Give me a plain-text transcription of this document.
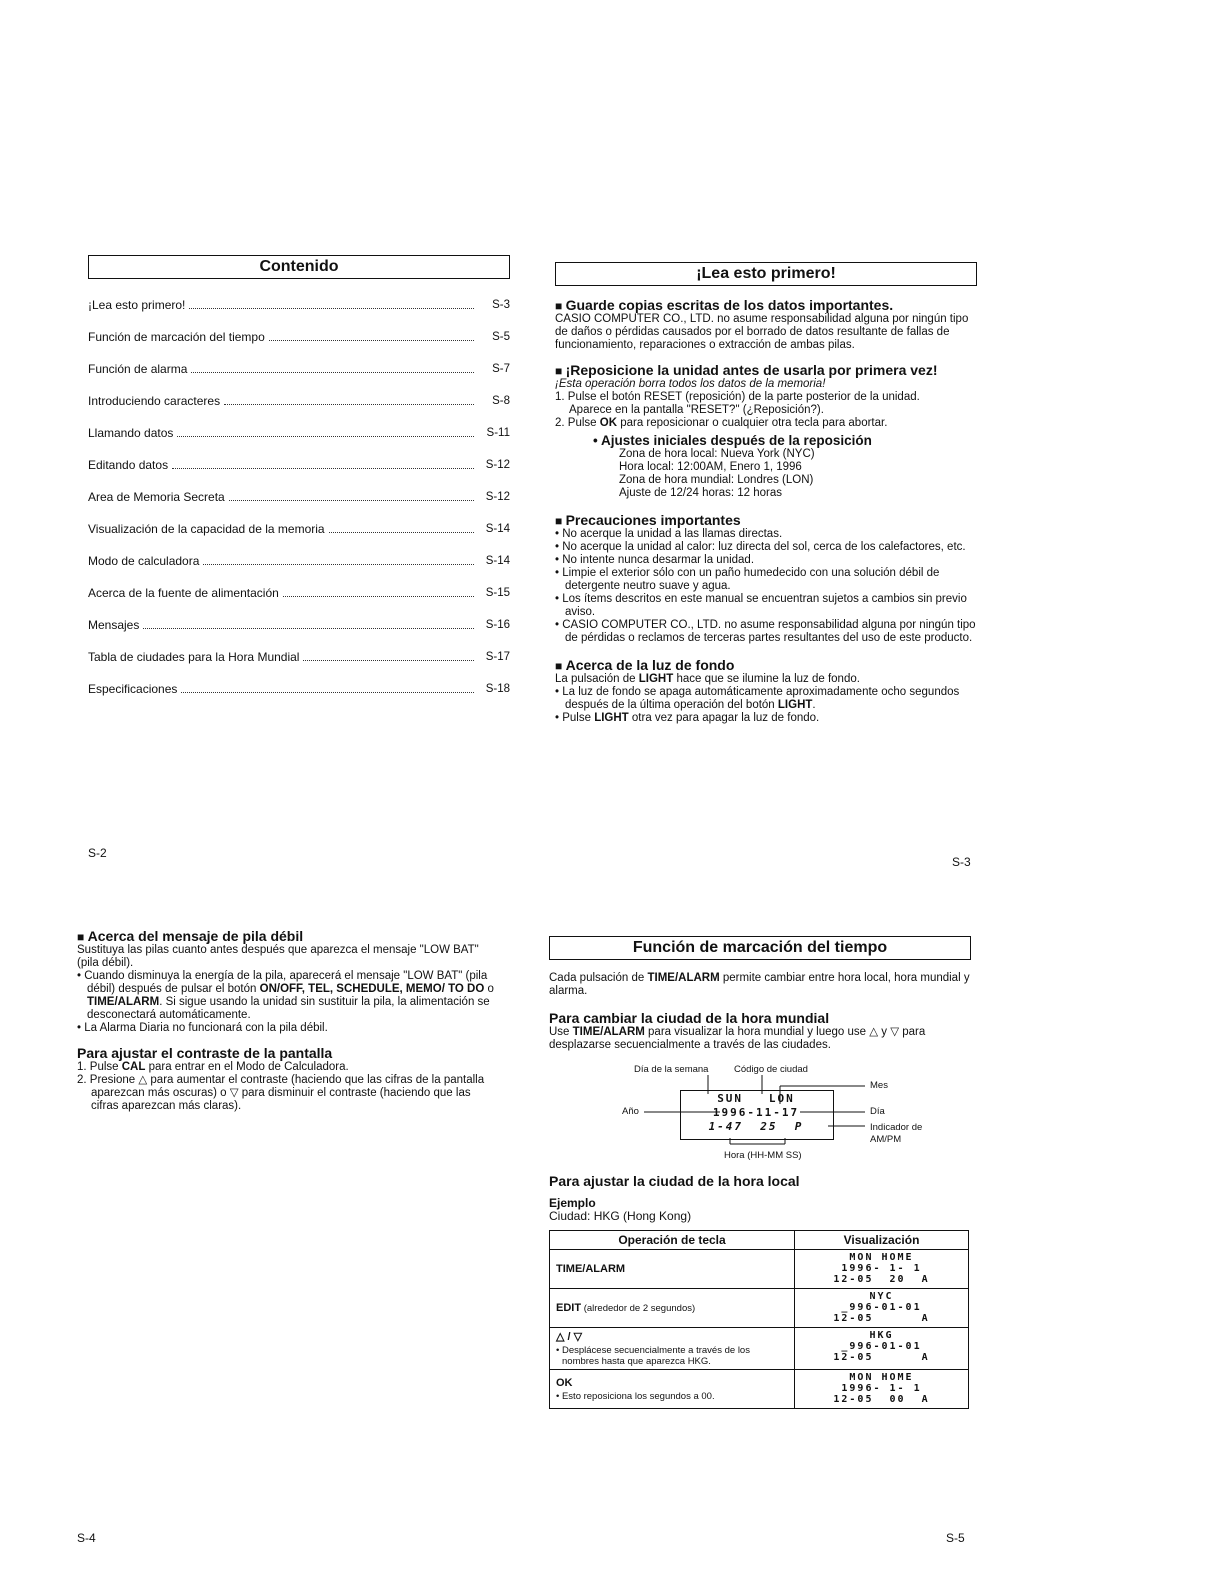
Contenido
¡Lea esto primero!	S-3
Función de marcación del tiempo	S-5
Función de alarma	S-7
Introduciendo caracteres	S-8
Llamando datos	S-11
Editando datos	S-12
Area de Memoria Secreta	S-12
Visualización de la capacidad de la memoria	S-14
Modo de calculadora	S-14
Acerca de la fuente de alimentación	S-15
Mensajes	S-16
Tabla de ciudades para la Hora Mundial	S-17
Especificaciones	S-18
¡Lea esto primero!

■ Guarde copias escritas de los datos importantes.

CASIO COMPUTER CO., LTD. no asume responsabilidad alguna por ningún tipo de daños o pérdidas causados por el borrado de datos resultante de fallas de funcionamiento, reparaciones o extracción de ambas pilas.

■ ¡Reposicione la unidad antes de usarla por primera vez!

¡Esta operación borra todos los datos de la memoria!

1. Pulse el botón RESET (reposición) de la parte posterior de la unidad.

Aparece en la pantalla "RESET?" (¿Reposición?).

2. Pulse OK para reposicionar o cualquier otra tecla para abortar.

• Ajustes iniciales después de la reposición

Zona de hora local: Nueva York (NYC)

Hora local: 12:00AM, Enero 1, 1996

Zona de hora mundial: Londres (LON)

Ajuste de 12/24 horas: 12 horas

■ Precauciones importantes

• No acerque la unidad a las llamas directas.
• No acerque la unidad al calor: luz directa del sol, cerca de los calefactores, etc.
• No intente nunca desarmar la unidad.
• Limpie el exterior sólo con un paño humedecido con una solución débil de detergente neutro suave y agua.
• Los ítems descritos en este manual se encuentran sujetos a cambios sin previo aviso.
• CASIO COMPUTER CO., LTD. no asume responsabilidad alguna por ningún tipo de pérdidas o reclamos de terceras partes resultantes del uso de este producto.

■ Acerca de la luz de fondo

La pulsación de LIGHT hace que se ilumine la luz de fondo.

• La luz de fondo se apaga automáticamente aproximadamente ocho segundos después de la última operación del botón LIGHT.
• Pulse LIGHT otra vez para apagar la luz de fondo.
S-2
S-3

■ Acerca del mensaje de pila débil

Sustituya las pilas cuanto antes después que aparezca el mensaje "LOW BAT" (pila débil).

• Cuando disminuya la energía de la pila, aparecerá el mensaje "LOW BAT" (pila débil) después de pulsar el botón ON/OFF, TEL, SCHEDULE, MEMO/ TO DO o TIME/ALARM. Si sigue usando la unidad sin sustituir la pila, la alimentación se desconectará automáticamente.
• La Alarma Diaria no funcionará con la pila débil.

Para ajustar el contraste de la pantalla

1. Pulse CAL para entrar en el Modo de Calculadora.
2. Presione △ para aumentar el contraste (haciendo que las cifras de la pantalla aparezcan más oscuras) o ▽ para disminuir el contraste (haciendo que las cifras aparezcan más claras).
Función de marcación del tiempo

Cada pulsación de TIME/ALARM permite cambiar entre hora local, hora mundial y alarma.

Para cambiar la ciudad de la hora mundial

Use TIME/ALARM para visualizar la hora mundial y luego use △ y ▽ para desplazarse secuencialmente a través de las ciudades.

Día de la semana	Código de ciudad
Mes
Año	Día
Indicador de
AM/PM
Hora (HH-MM SS)
SUN   LON
1996-11-17
1-47  25  P

Para ajustar la ciudad de la hora local

Ejemplo

Ciudad: HKG (Hong Kong)

Operación de tecla	Visualización
TIME/ALARM	MON HOME
1996- 1- 1
12-05  20  A

EDIT (alrededor de 2 segundos)	NYC
_996-01-01
12-05      A

△ / ▽
• Desplácese secuencialmente a través de los nombres hasta que aparezca HKG.	HKG
_996-01-01
12-05      A

OK
• Esto reposiciona los segundos a 00.	MON HOME
1996- 1- 1
12-05  00  A
S-4	S-5
